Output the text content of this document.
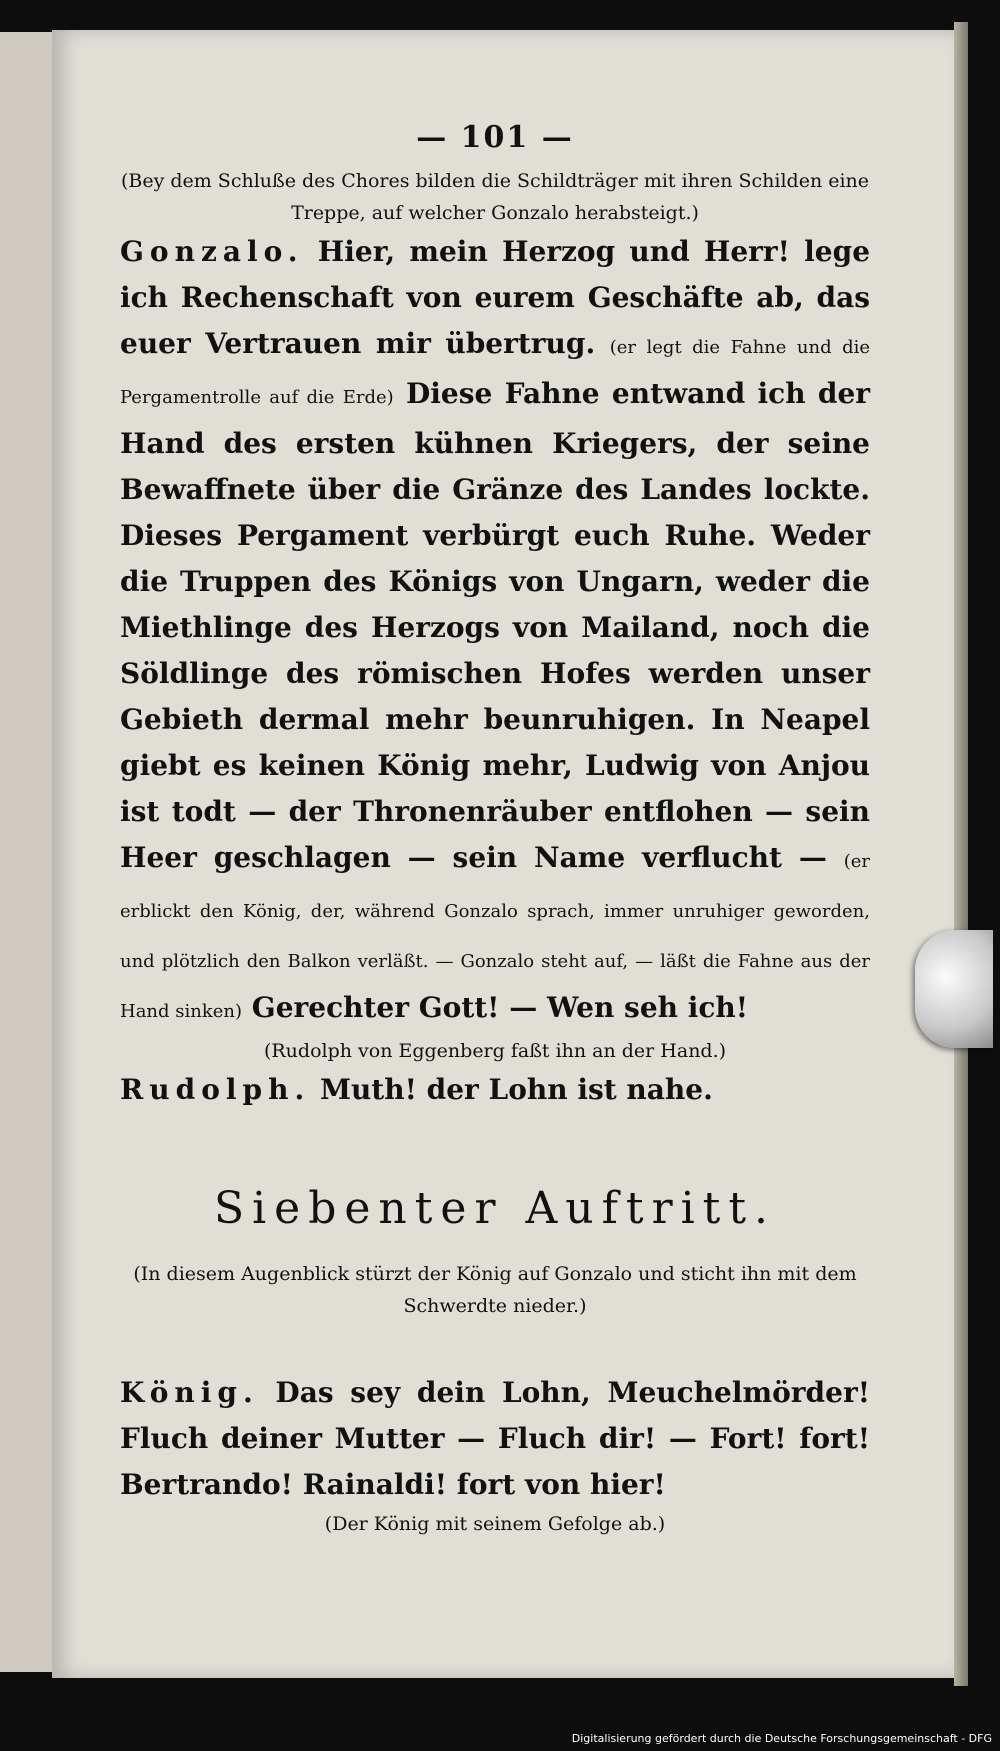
— 101 —

(Bey dem Schluße des Chores bilden die Schildträger mit ihren Schilden eine Treppe, auf welcher Gonzalo herabsteigt.)

Gonzalo. Hier, mein Herzog und Herr! lege ich Rechenschaft von eurem Geschäfte ab, das euer Vertrauen mir übertrug. (er legt die Fahne und die Pergamentrolle auf die Erde) Diese Fahne entwand ich der Hand des ersten kühnen Kriegers, der seine Bewaffnete über die Gränze des Landes lockte. Dieses Pergament verbürgt euch Ruhe. Weder die Truppen des Königs von Ungarn, weder die Miethlinge des Herzogs von Mailand, noch die Söldlinge des römischen Hofes werden unser Gebieth dermal mehr beunruhigen. In Neapel giebt es keinen König mehr, Ludwig von Anjou ist todt — der Thronenräuber entflohen — sein Heer geschlagen — sein Name verflucht — (er erblickt den König, der, während Gonzalo sprach, immer unruhiger geworden, und plötzlich den Balkon verläßt. — Gonzalo steht auf, — läßt die Fahne aus der Hand sinken) Gerechter Gott! — Wen seh ich!

(Rudolph von Eggenberg faßt ihn an der Hand.)

Rudolph. Muth! der Lohn ist nahe.

Siebenter Auftritt.

(In diesem Augenblick stürzt der König auf Gonzalo und sticht ihn mit dem Schwerdte nieder.)

König. Das sey dein Lohn, Meuchelmörder! Fluch deiner Mutter — Fluch dir! — Fort! fort! Bertrando! Rainaldi! fort von hier!

(Der König mit seinem Gefolge ab.)

Digitalisierung gefördert durch die Deutsche Forschungsgemeinschaft - DFG
